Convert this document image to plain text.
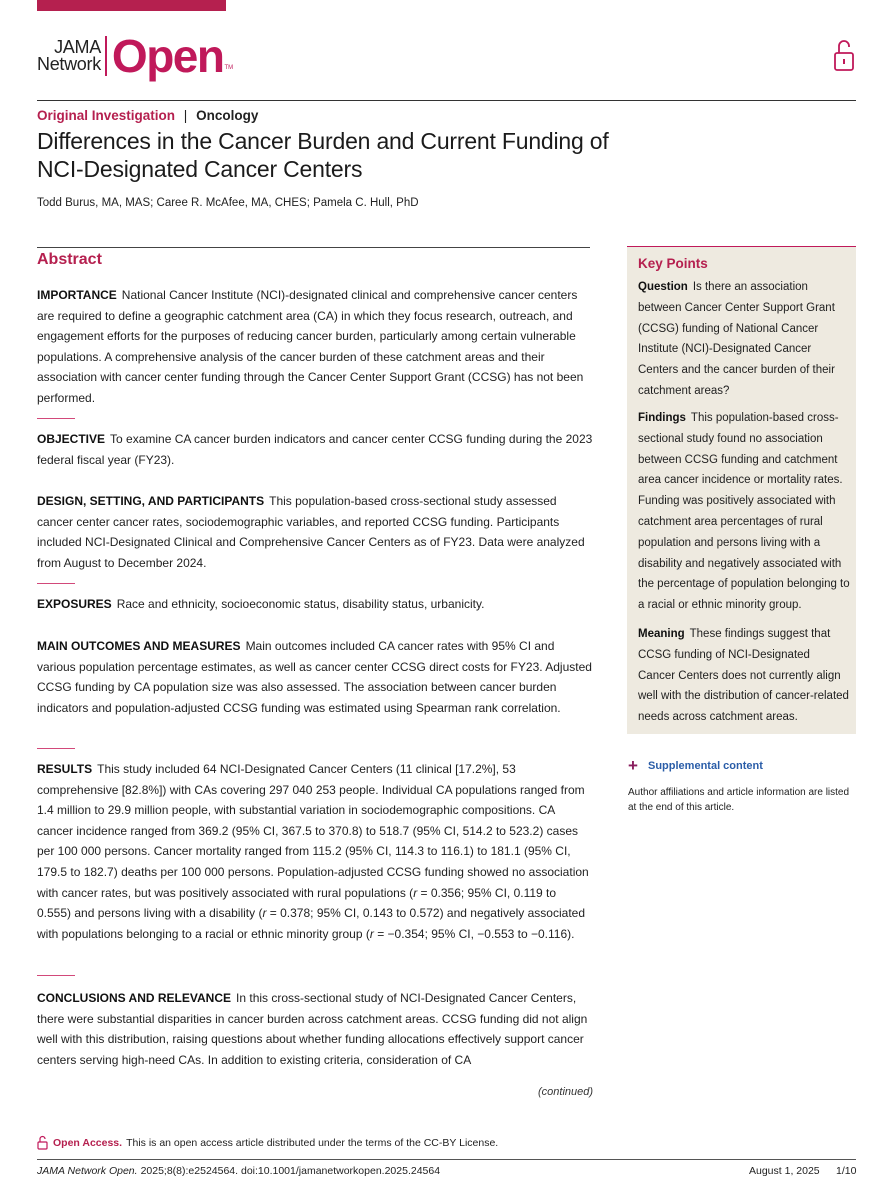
JAMA
Network Open TM
Original Investigation | Oncology
Differences in the Cancer Burden and Current Funding of NCI-Designated Cancer Centers
Todd Burus, MA, MAS; Caree R. McAfee, MA, CHES; Pamela C. Hull, PhD
Abstract

IMPORTANCE National Cancer Institute (NCI)-designated clinical and comprehensive cancer centers are required to define a geographic catchment area (CA) in which they focus research, outreach, and engagement efforts for the purposes of reducing cancer burden, particularly among certain vulnerable populations. A comprehensive analysis of the cancer burden of these catchment areas and their association with cancer center funding through the Cancer Center Support Grant (CCSG) has not been performed.

OBJECTIVE To examine CA cancer burden indicators and cancer center CCSG funding during the 2023 federal fiscal year (FY23).

DESIGN, SETTING, AND PARTICIPANTS This population-based cross-sectional study assessed cancer center cancer rates, sociodemographic variables, and reported CCSG funding. Participants included NCI-Designated Clinical and Comprehensive Cancer Centers as of FY23. Data were analyzed from August to December 2024.

EXPOSURES Race and ethnicity, socioeconomic status, disability status, urbanicity.

MAIN OUTCOMES AND MEASURES Main outcomes included CA cancer rates with 95% CI and various population percentage estimates, as well as cancer center CCSG direct costs for FY23. Adjusted CCSG funding by CA population size was also assessed. The association between cancer burden indicators and population-adjusted CCSG funding was estimated using Spearman rank correlation.

RESULTS This study included 64 NCI-Designated Cancer Centers (11 clinical [17.2%], 53 comprehensive [82.8%]) with CAs covering 297 040 253 people. Individual CA populations ranged from 1.4 million to 29.9 million people, with substantial variation in sociodemographic compositions. CA cancer incidence ranged from 369.2 (95% CI, 367.5 to 370.8) to 518.7 (95% CI, 514.2 to 523.2) cases per 100 000 persons. Cancer mortality ranged from 115.2 (95% CI, 114.3 to 116.1) to 181.1 (95% CI, 179.5 to 182.7) deaths per 100 000 persons. Population-adjusted CCSG funding showed no association with cancer rates, but was positively associated with rural populations (r = 0.356; 95% CI, 0.119 to 0.555) and persons living with a disability (r = 0.378; 95% CI, 0.143 to 0.572) and negatively associated with populations belonging to a racial or ethnic minority group (r = −0.354; 95% CI, −0.553 to −0.116).

CONCLUSIONS AND RELEVANCE In this cross-sectional study of NCI-Designated Cancer Centers, there were substantial disparities in cancer burden across catchment areas. CCSG funding did not align well with this distribution, raising questions about whether funding allocations effectively support cancer centers serving high-need CAs. In addition to existing criteria, consideration of CA

(continued)
Key Points

Question Is there an association between Cancer Center Support Grant (CCSG) funding of National Cancer Institute (NCI)-Designated Cancer Centers and the cancer burden of their catchment areas?

Findings This population-based cross-sectional study found no association between CCSG funding and catchment area cancer incidence or mortality rates. Funding was positively associated with catchment area percentages of rural population and persons living with a disability and negatively associated with the percentage of population belonging to a racial or ethnic minority group.

Meaning These findings suggest that CCSG funding of NCI-Designated Cancer Centers does not currently align well with the distribution of cancer-related needs across catchment areas.

+ Supplemental content
Author affiliations and article information are listed at the end of this article.
Open Access. This is an open access article distributed under the terms of the CC-BY License.
JAMA Network Open. 2025;8(8):e2524564. doi:10.1001/jamanetworkopen.2025.24564	August 1, 2025 1/10
